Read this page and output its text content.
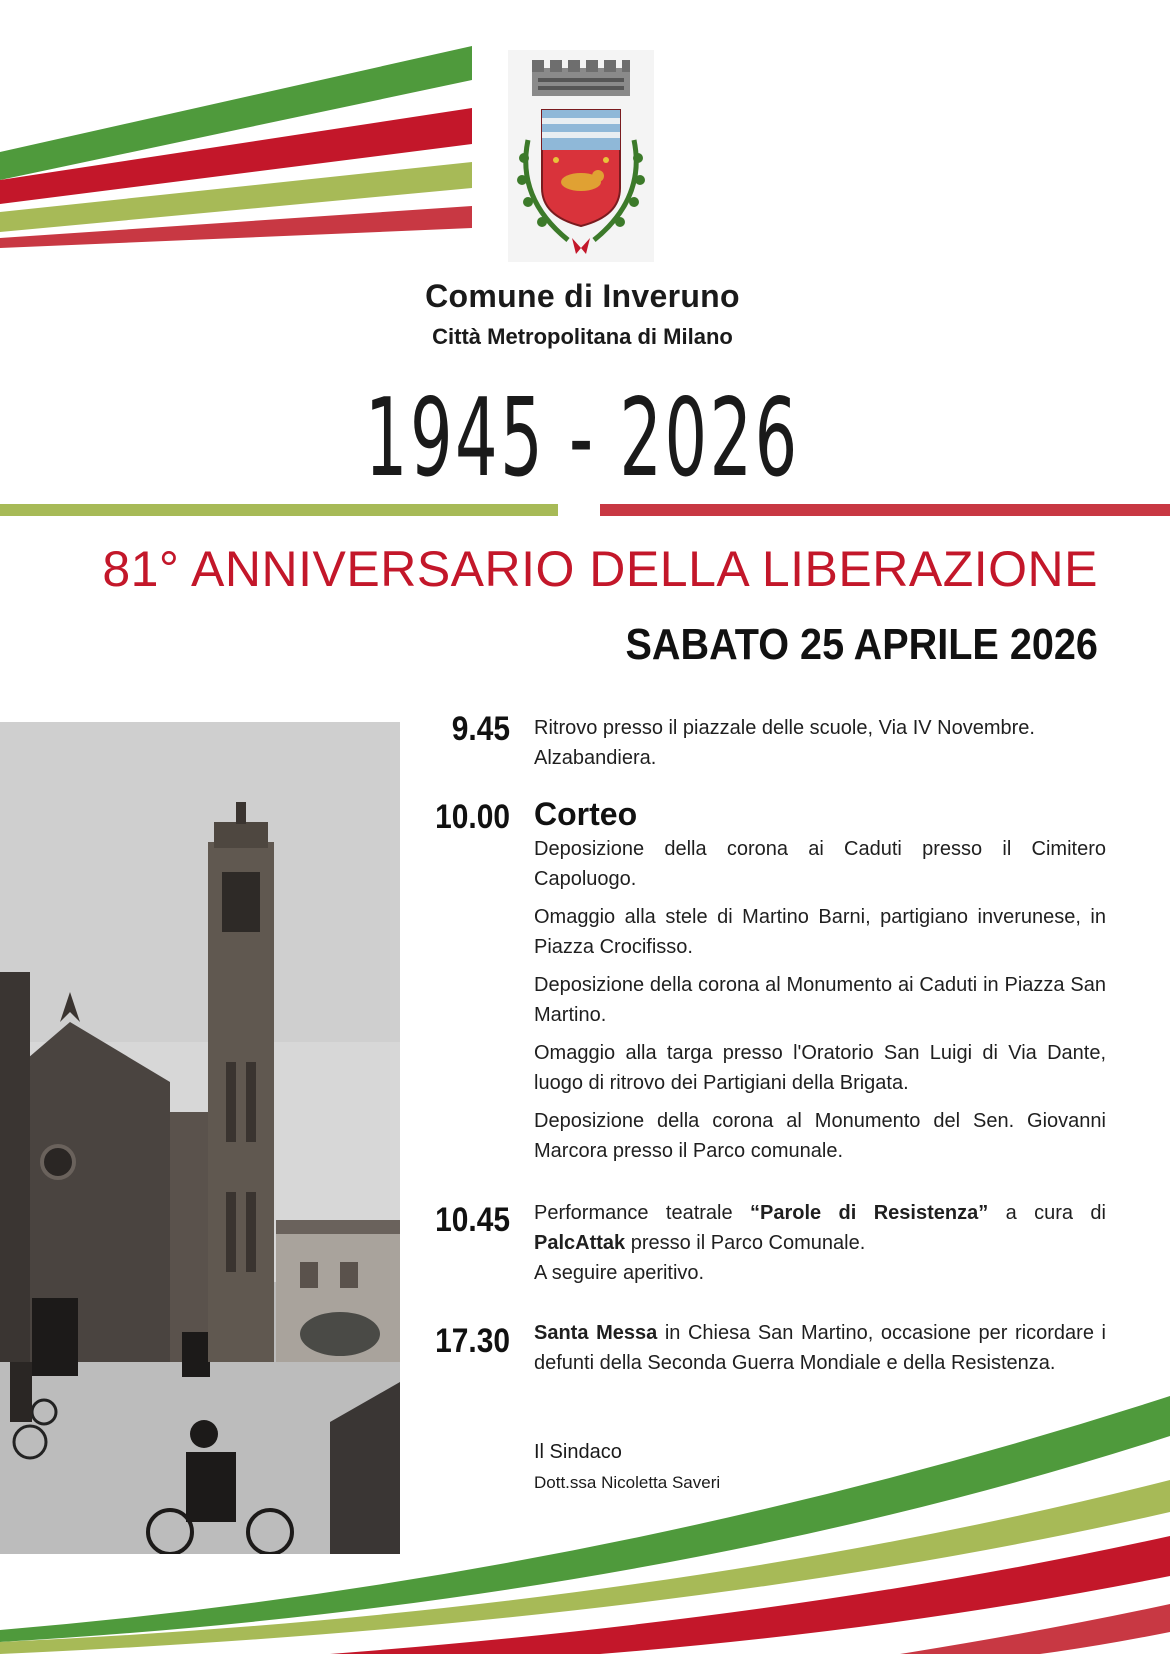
Comune di Inveruno
Città Metropolitana di Milano
1945 - 2026
81° ANNIVERSARIO DELLA LIBERAZIONE
SABATO 25 APRILE 2026
9.45 Ritrovo presso il piazzale delle scuole, Via IV Novembre.
Alzabandiera.
10.00 Corteo

Deposizione della corona ai Caduti presso il Cimitero Capoluogo.

Omaggio alla stele di Martino Barni, partigiano inverunese, in Piazza Crocifisso.

Deposizione della corona al Monumento ai Caduti in Piazza San Martino.

Omaggio alla targa presso l'Oratorio San Luigi di Via Dante, luogo di ritrovo dei Partigiani della Brigata.

Deposizione della corona al Monumento del Sen. Giovanni Marcora presso il Parco comunale.

10.45 Performance teatrale “Parole di Resistenza” a cura di PalcAttak presso il Parco Comunale.
A seguire aperitivo.
17.30 Santa Messa in Chiesa San Martino, occasione per ricordare i defunti della Seconda Guerra Mondiale e della Resistenza.
Il Sindaco
Dott.ssa Nicoletta Saveri
